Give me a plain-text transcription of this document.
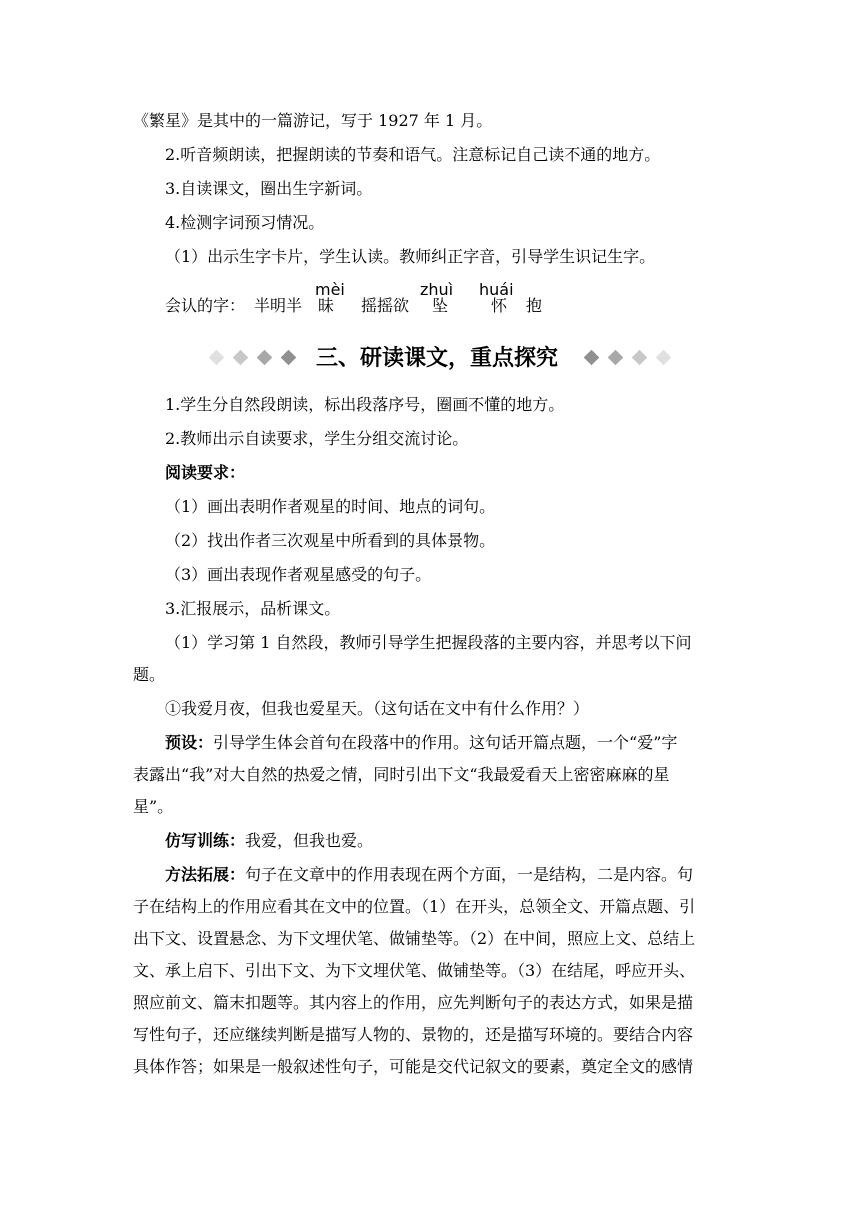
《繁星》是其中的一篇游记，写于 1927 年 1 月。
2.听音频朗读，把握朗读的节奏和语气。注意标记自己读不通的地方。
3.自读课文，圈出生字新词。
4.检测字词预习情况。
（1）出示生字卡片，学生认读。教师纠正字音，引导学生识记生字。
mèi	zhuì huái
会认的字： 半明半 昧 摇摇欲 坠	怀 抱
三、研读课文，重点探究
1.学生分自然段朗读，标出段落序号，圈画不懂的地方。
2.教师出示自读要求，学生分组交流讨论。
阅读要求：
（1）画出表明作者观星的时间、地点的词句。
（2）找出作者三次观星中所看到的具体景物。
（3）画出表现作者观星感受的句子。
3.汇报展示，品析课文。
（1）学习第 1 自然段，教师引导学生把握段落的主要内容，并思考以下问
题。
①我爱月夜，但我也爱星天。（这句话在文中有什么作用？）
预设：引导学生体会首句在段落中的作用。这句话开篇点题，一个“爱”字
表露出“我”对大自然的热爱之情，同时引出下文“我最爱看天上密密麻麻的星
星”。
仿写训练：我爱，但我也爱。
方法拓展：句子在文章中的作用表现在两个方面，一是结构，二是内容。句
子在结构上的作用应看其在文中的位置。（1）在开头，总领全文、开篇点题、引
出下文、设置悬念、为下文埋伏笔、做铺垫等。（2）在中间，照应上文、总结上
文、承上启下、引出下文、为下文埋伏笔、做铺垫等。（3）在结尾，呼应开头、
照应前文、篇末扣题等。其内容上的作用，应先判断句子的表达方式，如果是描
写性句子，还应继续判断是描写人物的、景物的，还是描写环境的。要结合内容
具体作答；如果是一般叙述性句子，可能是交代记叙文的要素，奠定全文的感情
